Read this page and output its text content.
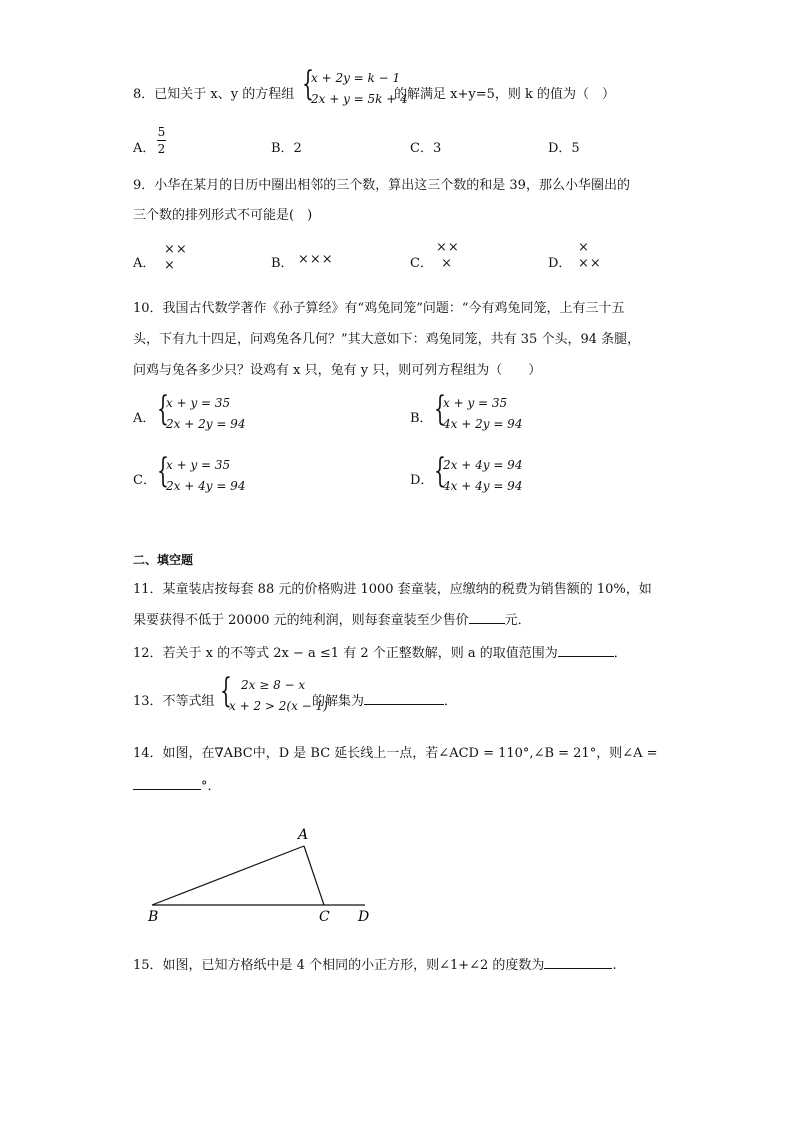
8．已知关于 x、y 的方程组 {
x + 2y = k − 1
2x + y = 5k + 4
的解满足 x+y=5，则 k 的值为（　）
A．
5
2	B．2	C．3	D．5
9．小华在某月的日历中圈出相邻的三个数，算出这三个数的和是 39，那么小华圈出的
三个数的排列形式不可能是(　)
A．
××
×	B． ×××	C．
××
×	D．
×
××
10．我国古代数学著作《孙子算经》有“鸡兔同笼”问题：“今有鸡兔同笼，上有三十五
头，下有九十四足，问鸡兔各几何？”其大意如下：鸡兔同笼，共有 35 个头，94 条腿，
问鸡与兔各多少只？设鸡有 x 只，兔有 y 只，则可列方程组为（　　）
A． {
x + y = 35
2x + 2y = 94	B． {
x + y = 35
4x + 2y = 94
C． {
x + y = 35
2x + 4y = 94	D． {
2x + 4y = 94
4x + 4y = 94
二、填空题
11．某童装店按每套 88 元的价格购进 1000 套童装，应缴纳的税费为销售额的 10%，如
果要获得不低于 20000 元的纯利润，则每套童装至少售价	元．
12．若关于 x 的不等式 2x − a ≤1 有 2 个正整数解，则 a 的取值范围为	．
13．不等式组 { 2x ≥ 8 − x
x + 2 > 2(x − 1)
的解集为	．
14．如图，在∇ABC中，D 是 BC 延长线上一点，若∠ACD = 110°,∠B = 21°，则∠A =
°．
A
B	C D
15．如图，已知方格纸中是 4 个相同的小正方形，则∠1+∠2 的度数为	.
